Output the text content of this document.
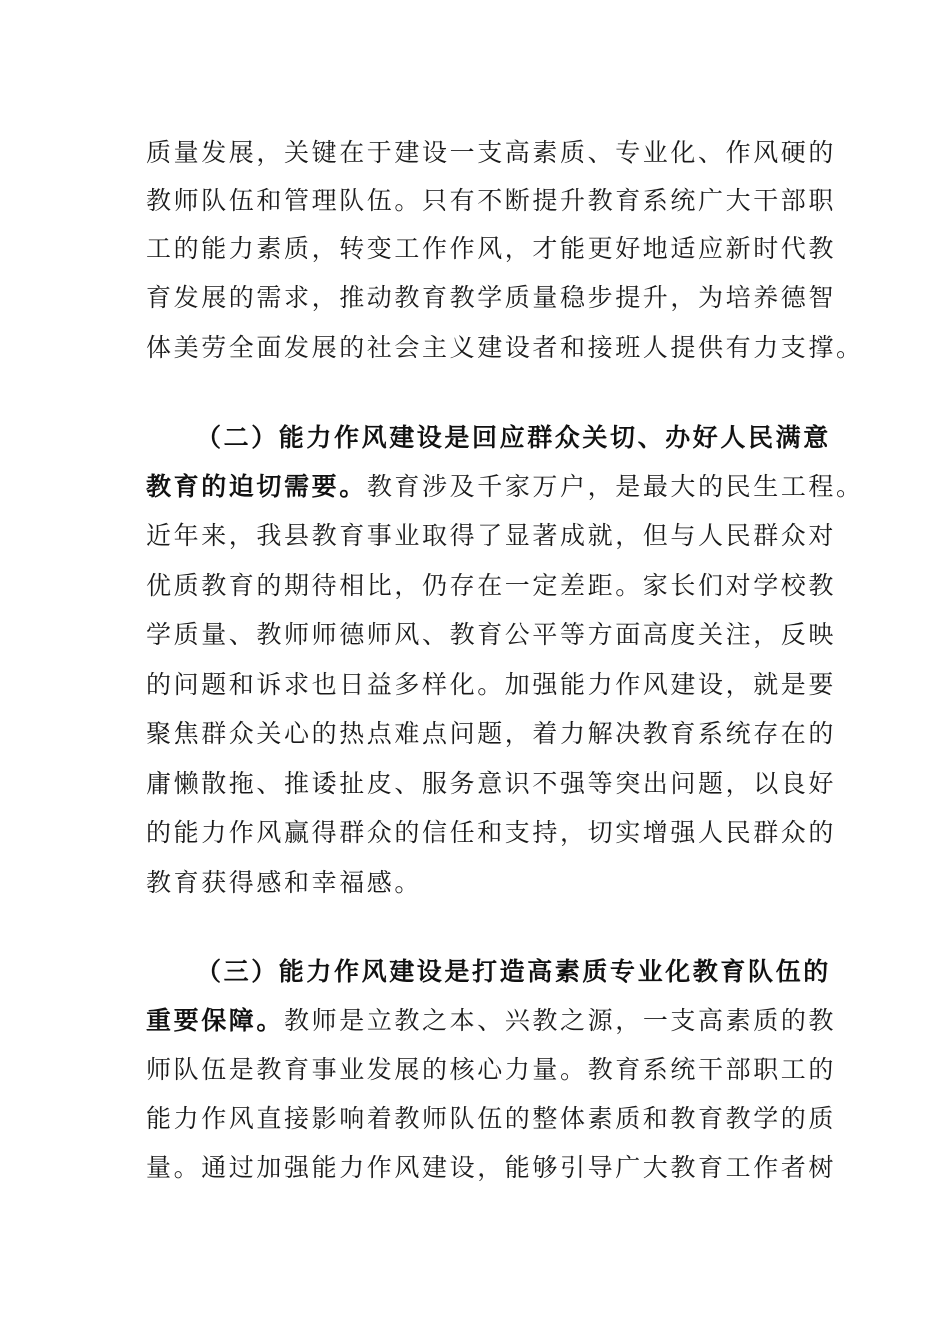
质量发展，关键在于建设一支高素质、专业化、作风硬的
教师队伍和管理队伍。只有不断提升教育系统广大干部职
工的能力素质，转变工作作风，才能更好地适应新时代教
育发展的需求，推动教育教学质量稳步提升，为培养德智
体美劳全面发展的社会主义建设者和接班人提供有力支撑。
（二）能力作风建设是回应群众关切、办好人民满意
教育的迫切需要。教育涉及千家万户，是最大的民生工程。
近年来，我县教育事业取得了显著成就，但与人民群众对
优质教育的期待相比，仍存在一定差距。家长们对学校教
学质量、教师师德师风、教育公平等方面高度关注，反映
的问题和诉求也日益多样化。加强能力作风建设，就是要
聚焦群众关心的热点难点问题，着力解决教育系统存在的
庸懒散拖、推诿扯皮、服务意识不强等突出问题，以良好
的能力作风赢得群众的信任和支持，切实增强人民群众的
教育获得感和幸福感。
（三）能力作风建设是打造高素质专业化教育队伍的
重要保障。教师是立教之本、兴教之源，一支高素质的教
师队伍是教育事业发展的核心力量。教育系统干部职工的
能力作风直接影响着教师队伍的整体素质和教育教学的质
量。通过加强能力作风建设，能够引导广大教育工作者树
